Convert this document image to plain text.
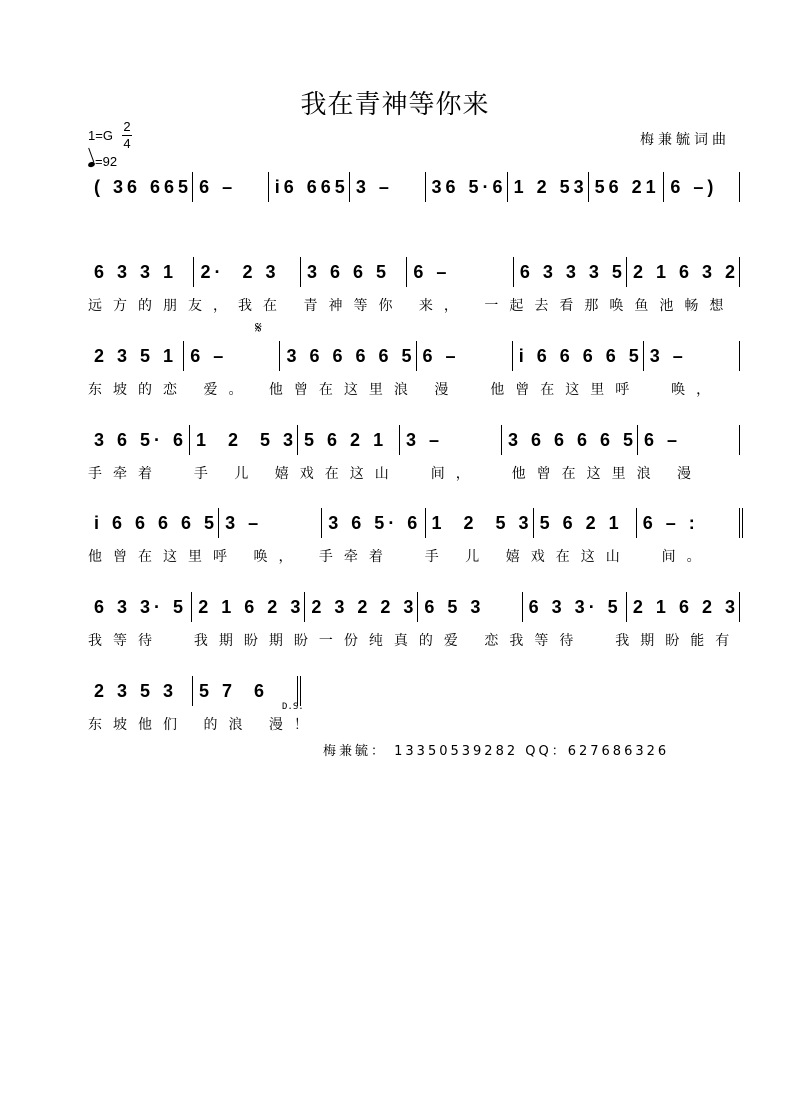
我在青神等你来
1=G
2
4
=92
梅兼毓词曲
( 36 665 6 –	i6 665 3 –	36 5·6 1 2 53 56 21 6 –)
6 3 3 1	2·  2 3	3 6 6 5	6 –	6 3 3 3 5 2 1 6 3 2
远方的朋友，我在 青神等你 来， 一起去看那唤鱼池畅想
2 3 5 1 6 –	3 6 6 6 6 5 6 –	i 6 6 6 6 5 3 –
东坡的恋 爱。 他曾在这里浪 漫  他曾在这里呼  唤，
3 6 5· 6 1  2  5 3 5 6 2 1	3 –	3 6 6 6 6 5 6 –
手牵着  手 儿 嬉戏在这山  间，  他曾在这里浪 漫
i 6 6 6 6 5 3 –	3 6 5· 6 1  2  5 3 5 6 2 1	6 – :
他曾在这里呼 唤， 手牵着  手 儿 嬉戏在这山  间。
6 3 3· 5 2 1 6 2 3 2 3 2 2 3 6 5 3	6 3 3· 5 2 1 6 2 3
我等待  我期盼期盼一份纯真的爱 恋我等待  我期盼能有
2 3 5 3	5 7  6
东坡他们 的浪 漫！
𝄋
D.S.
梅兼毓： 13350539282 QQ：627686326
